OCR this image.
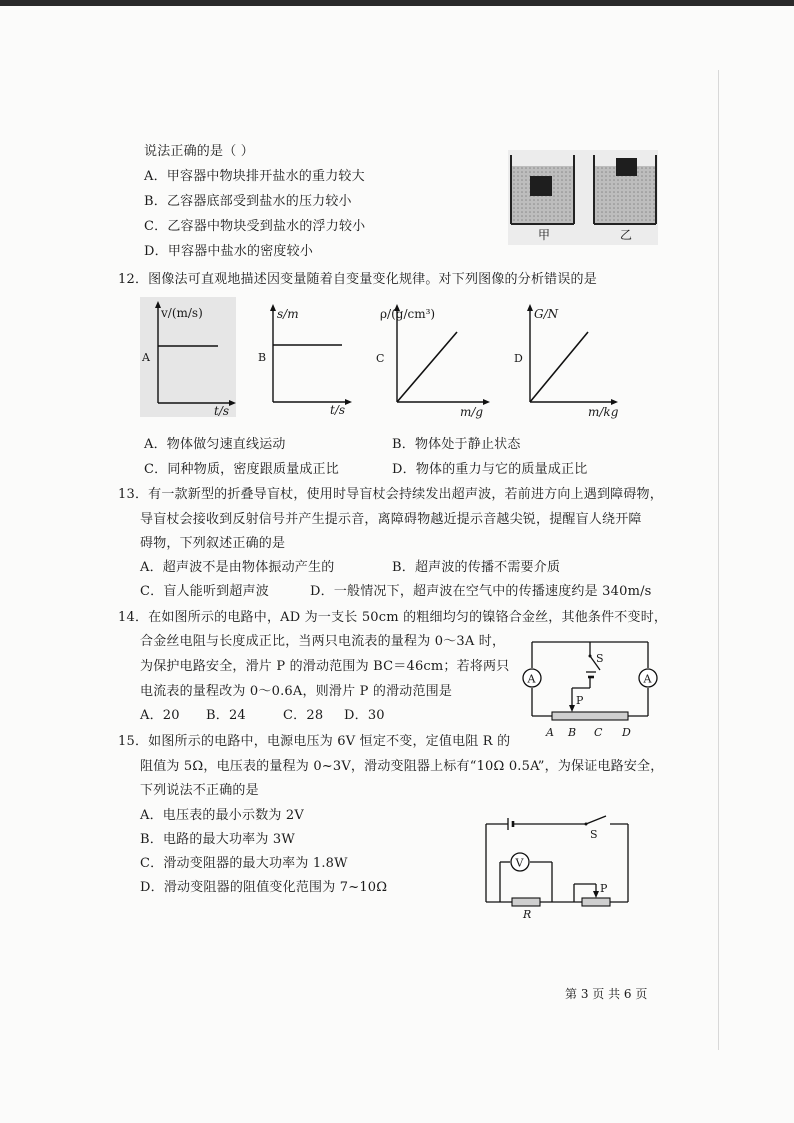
说法正确的是（ ）
A．甲容器中物块排开盐水的重力较大
B．乙容器底部受到盐水的压力较小
C．乙容器中物块受到盐水的浮力较小
D．甲容器中盐水的密度较小
甲	乙
12．图像法可直观地描述因变量随着自变量变化规律。对下列图像的分析错误的是
v/(m/s)
A
t/s
s/m
B
t/s
ρ/(g/cm³)
C
m/g
G/N
D
m/kg
A．物体做匀速直线运动	B．物体处于静止状态
C．同种物质，密度跟质量成正比	D．物体的重力与它的质量成正比
13．有一款新型的折叠导盲杖，使用时导盲杖会持续发出超声波，若前进方向上遇到障碍物，
导盲杖会接收到反射信号并产生提示音，离障碍物越近提示音越尖锐，提醒盲人绕开障
碍物，下列叙述正确的是
A．超声波不是由物体振动产生的	B．超声波的传播不需要介质
C．盲人能听到超声波	D．一般情况下，超声波在空气中的传播速度约是 340m/s
14．在如图所示的电路中，AD 为一支长 50cm 的粗细均匀的镍铬合金丝，其他条件不变时，
合金丝电阻与长度成正比，当两只电流表的量程为 0～3A 时，
为保护电路安全，滑片 P 的滑动范围为 BC＝46cm；若将两只
电流表的量程改为 0～0.6A，则滑片 P 的滑动范围是
A．20 B．24	C．28 D．30
A	A
S
P
A B C D
15．如图所示的电路中，电源电压为 6V 恒定不变，定值电阻 R 的
阻值为 5Ω，电压表的量程为 0~3V，滑动变阻器上标有“10Ω 0.5A”，为保证电路安全，
下列说法不正确的是
A．电压表的最小示数为 2V
B．电路的最大功率为 3W
C．滑动变阻器的最大功率为 1.8W
D．滑动变阻器的阻值变化范围为 7~10Ω
S
R
P
V
第 3 页 共 6 页
